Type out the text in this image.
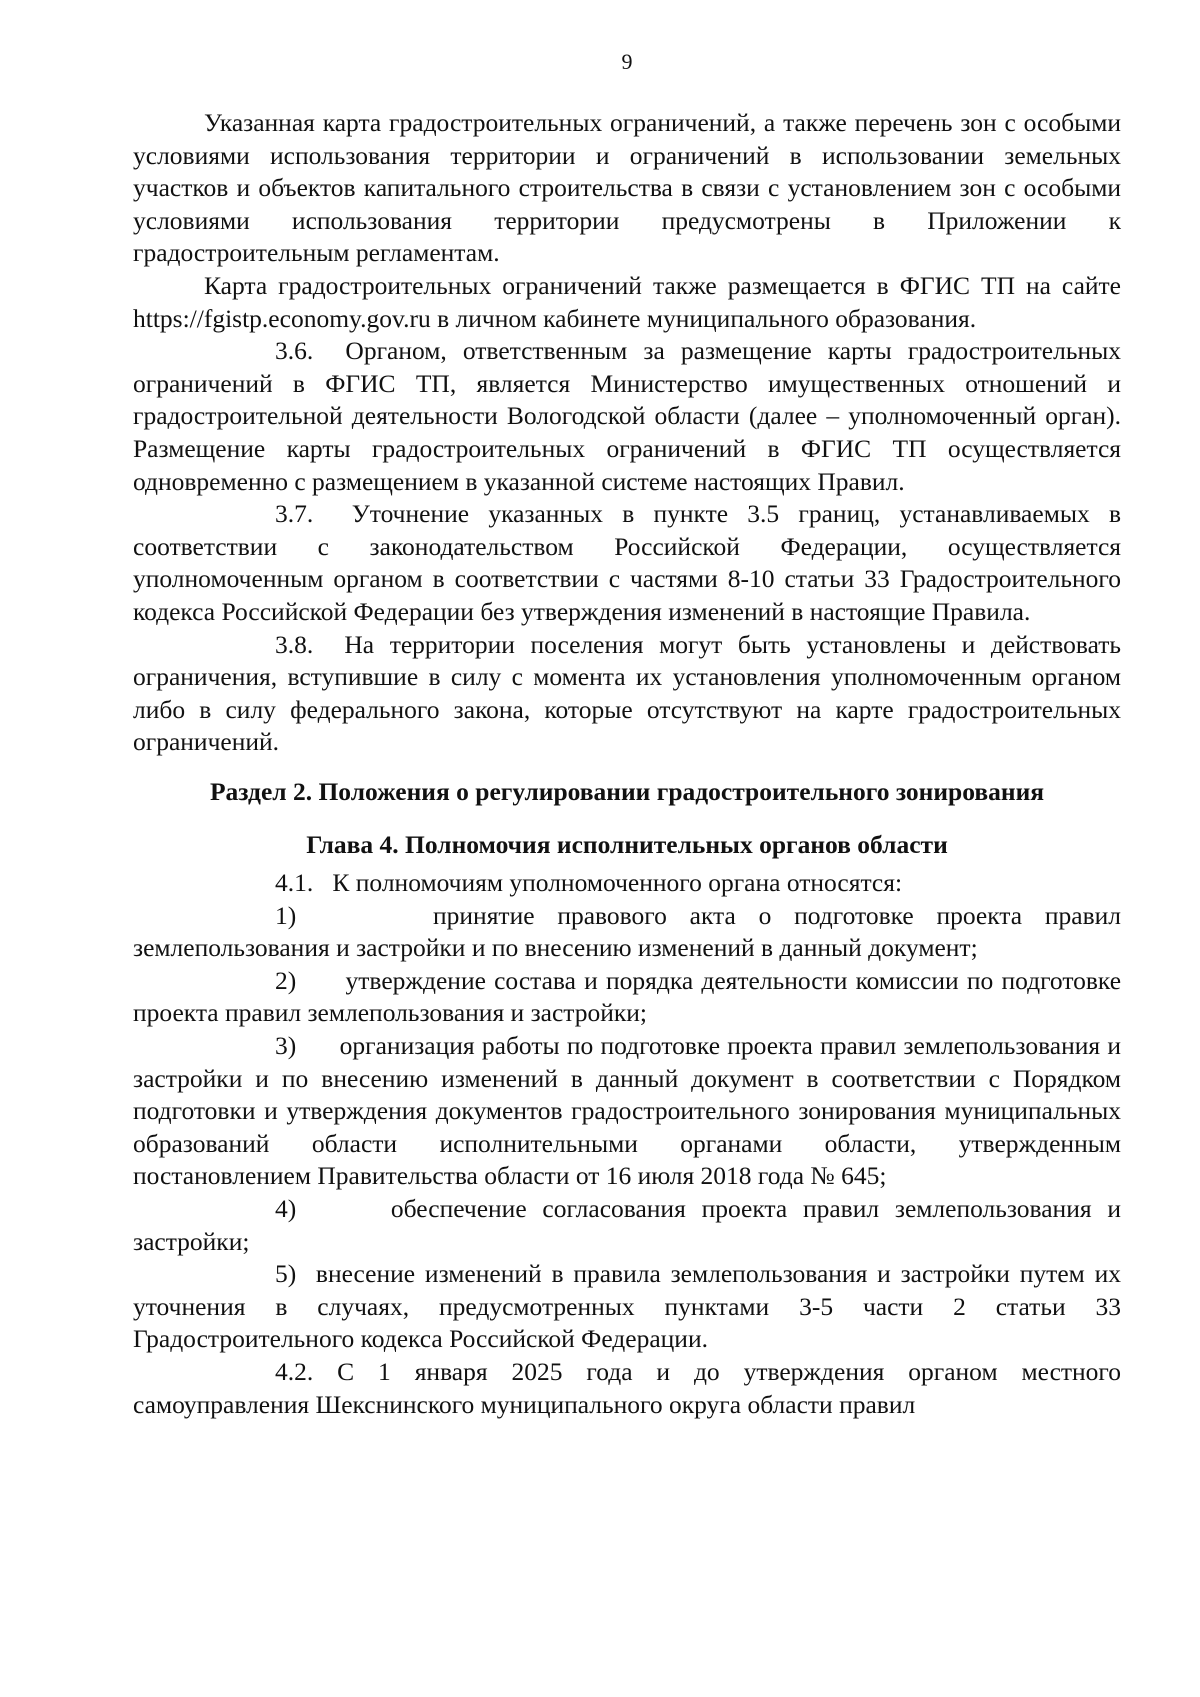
9

Указанная карта градостроительных ограничений, а также перечень зон с особыми условиями использования территории и ограничений в использовании земельных участков и объектов капитального строительства в связи с установлением зон с особыми условиями использования территории предусмотрены в Приложении к градостроительным регламентам.

Карта градостроительных ограничений также размещается в ФГИС ТП на сайте https://fgistp.economy.gov.ru в личном кабинете муниципального образования.

3.6. Органом, ответственным за размещение карты градостроительных ограничений в ФГИС ТП, является Министерство имущественных отношений и градостроительной деятельности Вологодской области (далее – уполномоченный орган). Размещение карты градостроительных ограничений в ФГИС ТП осуществляется одновременно с размещением в указанной системе настоящих Правил.

3.7. Уточнение указанных в пункте 3.5 границ, устанавливаемых в соответствии с законодательством Российской Федерации, осуществляется уполномоченным органом в соответствии с частями 8-10 статьи 33 Градостроительного кодекса Российской Федерации без утверждения изменений в настоящие Правила.

3.8. На территории поселения могут быть установлены и действовать ограничения, вступившие в силу с момента их установления уполномоченным органом либо в силу федерального закона, которые отсутствуют на карте градостроительных ограничений.

Раздел 2. Положения о регулировании градостроительного зонирования

Глава 4. Полномочия исполнительных органов области

4.1. К полномочиям уполномоченного органа относятся:

1)	принятие правового акта о подготовке проекта правил землепользования и застройки и по внесению изменений в данный документ;

2) утверждение состава и порядка деятельности комиссии по подготовке проекта правил землепользования и застройки;

3) организация работы по подготовке проекта правил землепользования и застройки и по внесению изменений в данный документ в соответствии с Порядком подготовки и утверждения документов градостроительного зонирования муниципальных образований области исполнительными органами области, утвержденным постановлением Правительства области от 16 июля 2018 года № 645;

4)	обеспечение согласования проекта правил землепользования и застройки;

5) внесение изменений в правила землепользования и застройки путем их уточнения в случаях, предусмотренных пунктами 3-5 части 2 статьи 33 Градостроительного кодекса Российской Федерации.

4.2. С 1 января 2025 года и до утверждения органом местного самоуправления Шекснинского муниципального округа области правил
